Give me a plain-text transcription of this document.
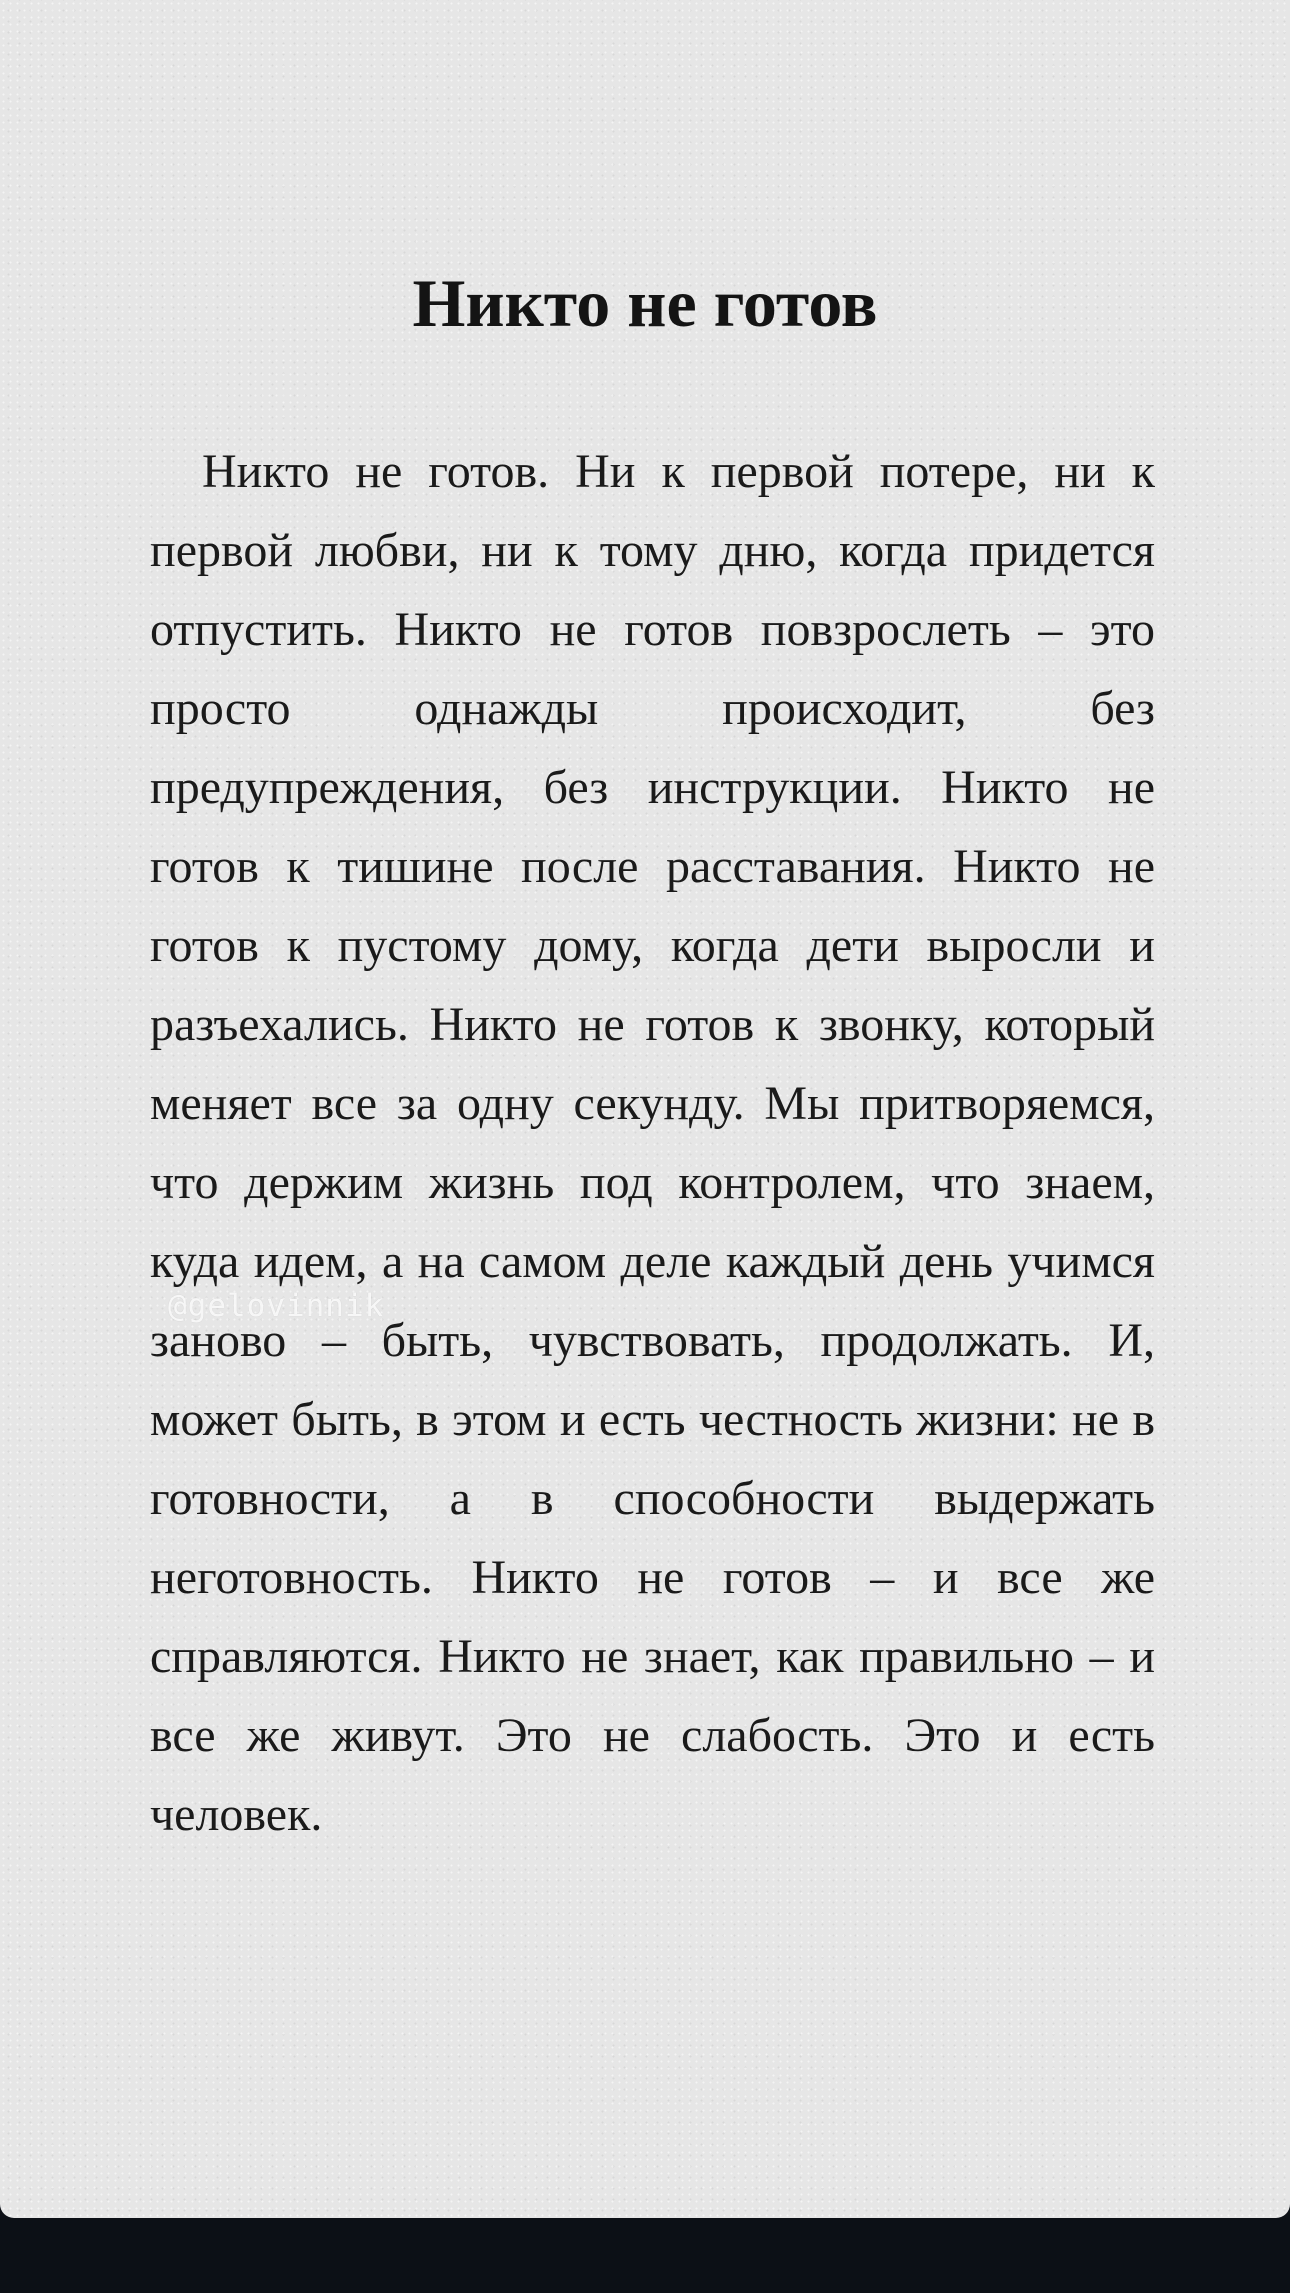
Никто не готов

Никто не готов. Ни к первой потере, ни к первой любви, ни к тому дню, когда придется отпустить. Никто не готов повзрослеть – это просто однажды происходит, без предупреждения, без инструкции. Никто не готов к тишине после расставания. Никто не готов к пустому дому, когда дети выросли и разъехались. Никто не готов к звонку, который меняет все за одну секунду. Мы притворяемся, что держим жизнь под контролем, что знаем, куда идем, а на самом деле каждый день учимся заново – быть, чувствовать, продолжать. И, может быть, в этом и есть честность жизни: не в готовности, а в способности выдержать неготовность. Никто не готов – и все же справляются. Никто не знает, как правильно – и все же живут. Это не слабость. Это и есть человек.

@gelovinnik
